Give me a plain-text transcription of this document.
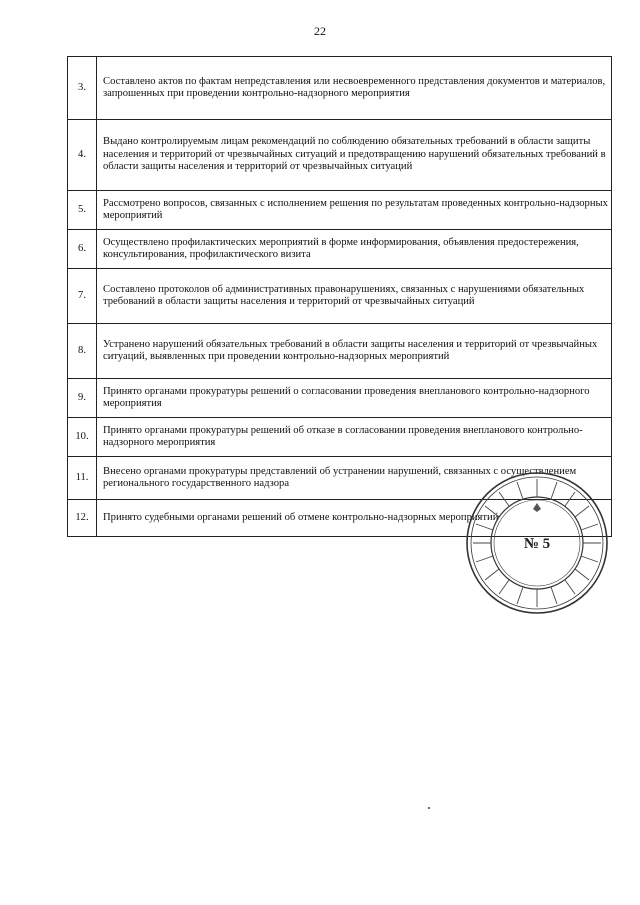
22
3.	Составлено актов по фактам непредставления или несвоевременного представления документов и материалов, запрошенных при проведении контрольно-надзорного мероприятия
4.	Выдано контролируемым лицам рекомендаций по соблюдению обязательных требований в области защиты населения и территорий от чрезвычайных ситуаций и предотвращению нарушений обязательных требований в области защиты населения и территорий от чрезвычайных ситуаций
5.	Рассмотрено вопросов, связанных с исполнением решения по результатам проведенных контрольно-надзорных мероприятий
6.	Осуществлено профилактических мероприятий в форме информирования, объявления предостережения, консультирования, профилактического визита
7.	Составлено протоколов об административных правонарушениях, связанных с нарушениями обязательных требований в области защиты населения и территорий от чрезвычайных ситуаций
8.	Устранено нарушений обязательных требований в области защиты населения и территорий от чрезвычайных ситуаций, выявленных при проведении контрольно-надзорных мероприятий
9.	Принято органами прокуратуры решений о согласовании проведения внепланового контрольно-надзорного мероприятия
10.	Принято органами прокуратуры решений об отказе в согласовании проведения внепланового контрольно-надзорного мероприятия
11.	Внесено органами прокуратуры представлений об устранении нарушений, связанных с осуществлением регионального государственного надзора
12.	Принято судебными органами решений об отмене контрольно-надзорных мероприятий
№ 5
